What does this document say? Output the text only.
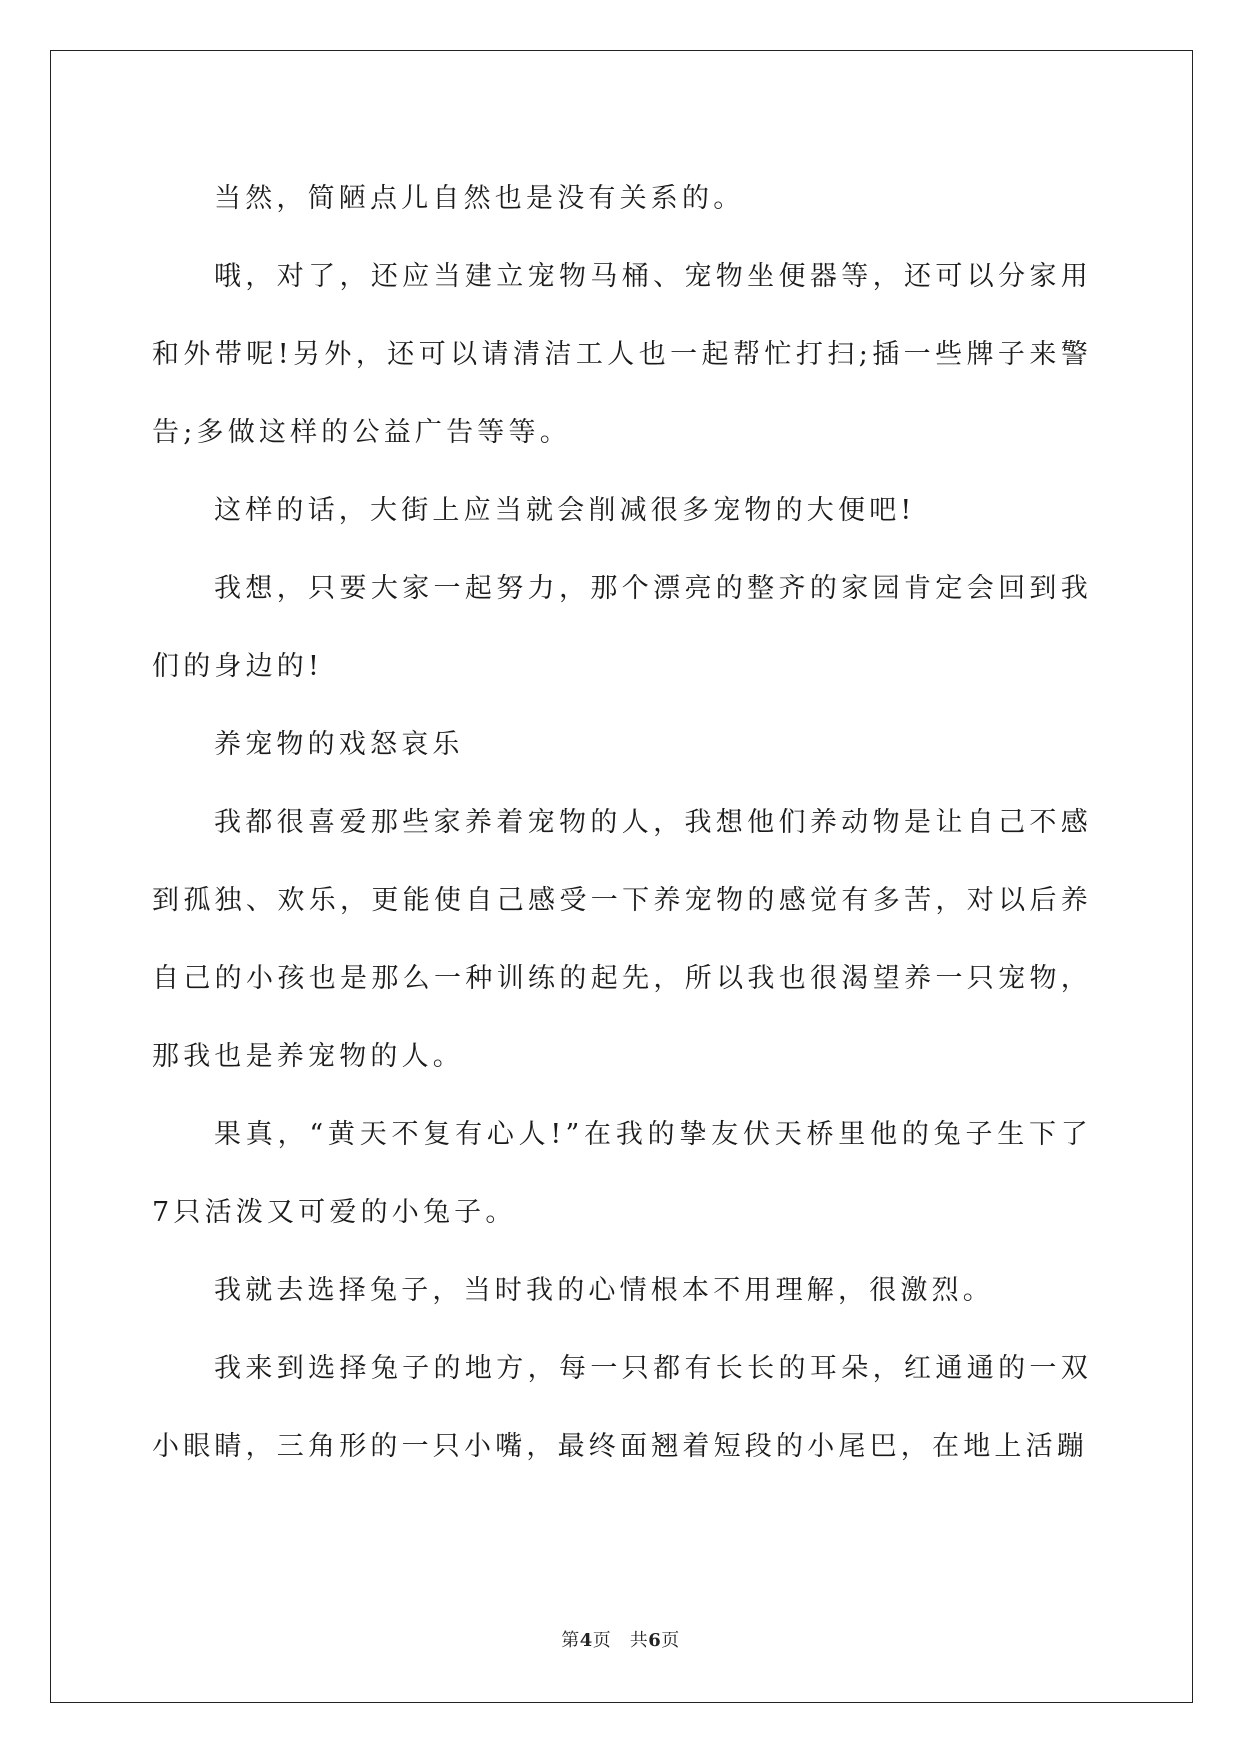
当然，简陋点儿自然也是没有关系的。

哦，对了，还应当建立宠物马桶、宠物坐便器等，还可以分家用和外带呢!另外，还可以请清洁工人也一起帮忙打扫;插一些牌子来警告;多做这样的公益广告等等。

这样的话，大街上应当就会削减很多宠物的大便吧!

我想，只要大家一起努力，那个漂亮的整齐的家园肯定会回到我们的身边的!

养宠物的戏怒哀乐

我都很喜爱那些家养着宠物的人，我想他们养动物是让自己不感到孤独、欢乐，更能使自己感受一下养宠物的感觉有多苦，对以后养自己的小孩也是那么一种训练的起先，所以我也很渴望养一只宠物，那我也是养宠物的人。

果真，“黄天不复有心人!”在我的挚友伏天桥里他的兔子生下了7只活泼又可爱的小兔子。

我就去选择兔子，当时我的心情根本不用理解，很激烈。

我来到选择兔子的地方，每一只都有长长的耳朵，红通通的一双小眼睛，三角形的一只小嘴，最终面翘着短段的小尾巴，在地上活蹦

第4页　共6页
